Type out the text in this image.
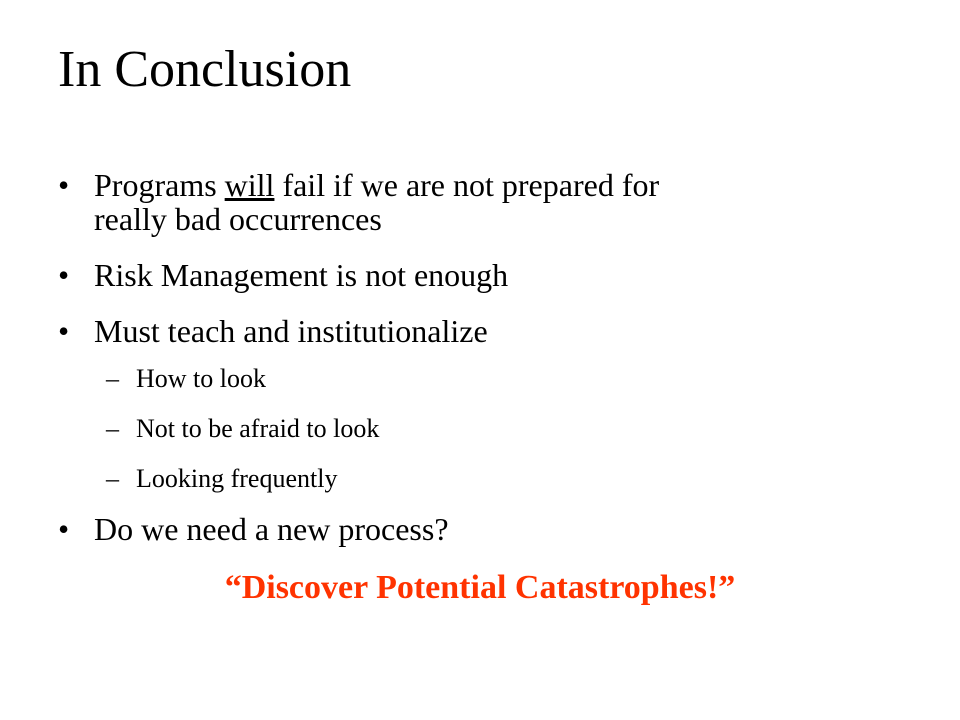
In Conclusion
• Programs will fail if we are not prepared for
really bad occurrences
• Risk Management is not enough
• Must teach and institutionalize
– How to look
– Not to be afraid to look
– Looking frequently
• Do we need a new process?
“Discover Potential Catastrophes!”
